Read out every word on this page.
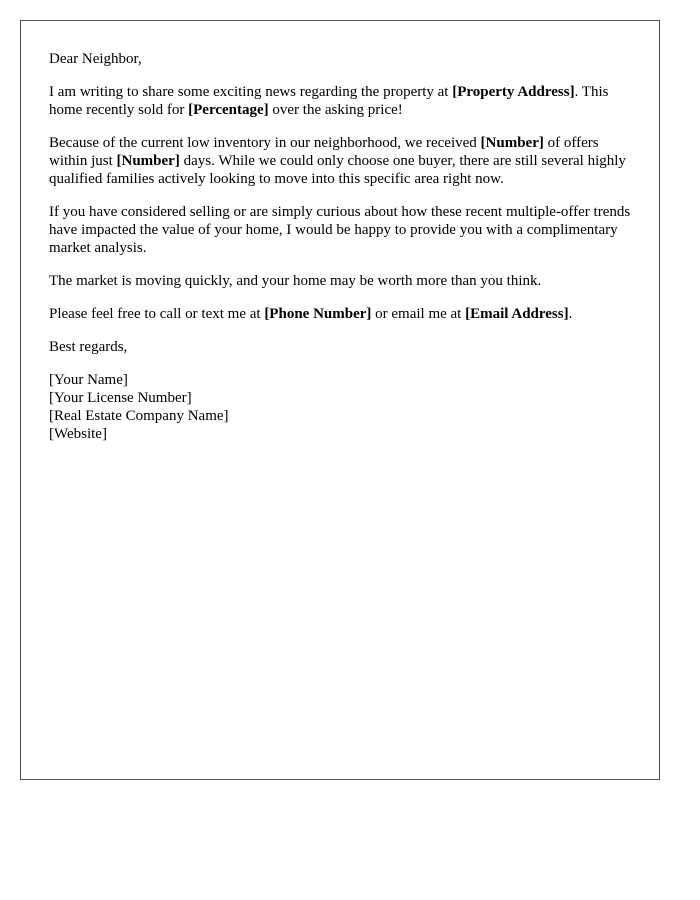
Dear Neighbor,

I am writing to share some exciting news regarding the property at [Property Address]. This home recently sold for [Percentage] over the asking price!

Because of the current low inventory in our neighborhood, we received [Number] of offers within just [Number] days. While we could only choose one buyer, there are still several highly qualified families actively looking to move into this specific area right now.

If you have considered selling or are simply curious about how these recent multiple-offer trends have impacted the value of your home, I would be happy to provide you with a complimentary market analysis.

The market is moving quickly, and your home may be worth more than you think.

Please feel free to call or text me at [Phone Number] or email me at [Email Address].

Best regards,

[Your Name]
[Your License Number]
[Real Estate Company Name]
[Website]
